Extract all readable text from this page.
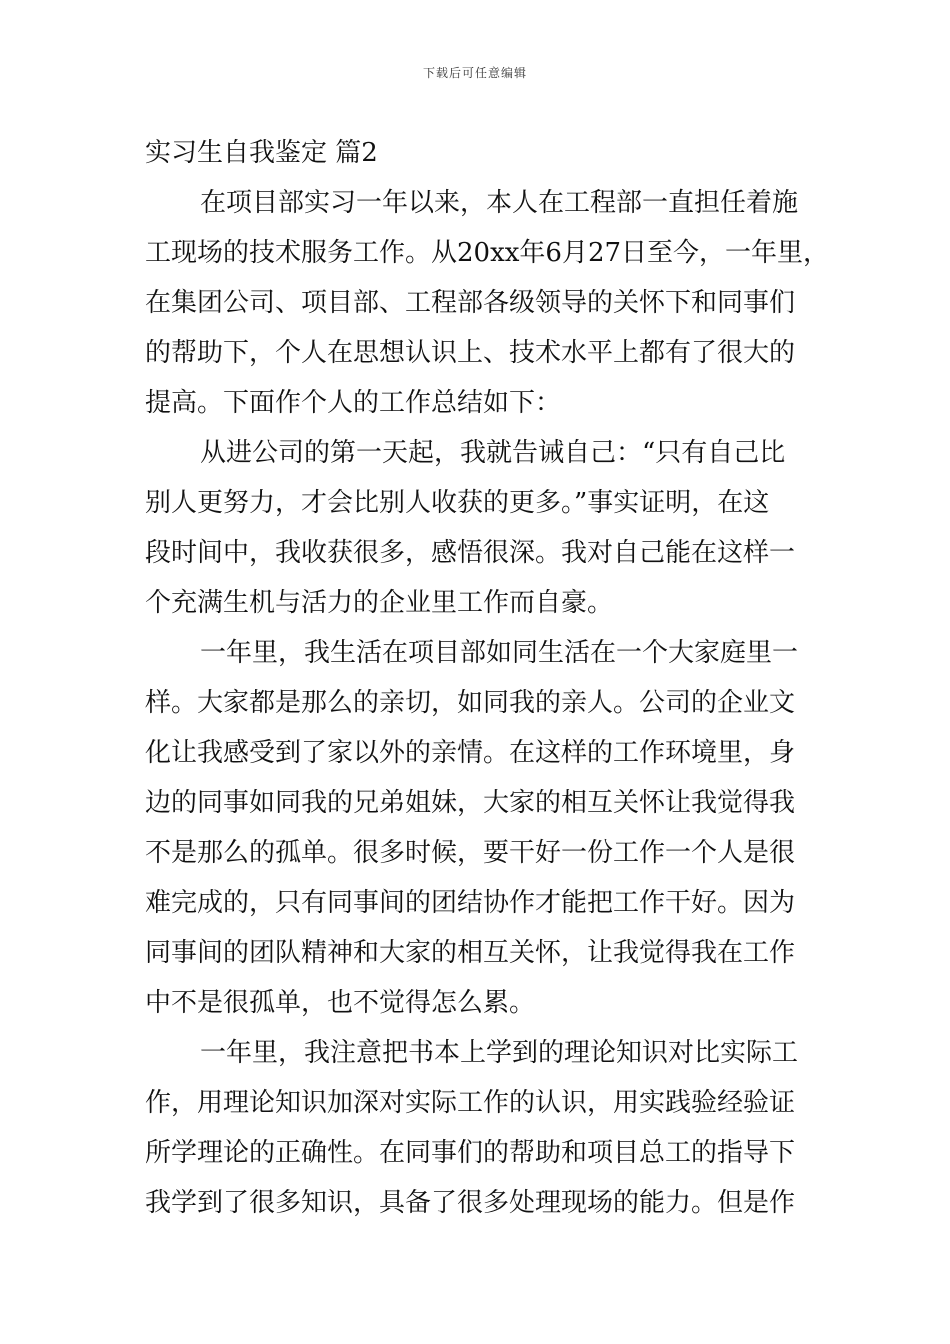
下载后可任意编辑
实习生自我鉴定 篇2
在项目部实习一年以来，本人在工程部一直担任着施
工现场的技术服务工作。从20xx年6月27日至今，一年里，
在集团公司、项目部、工程部各级领导的关怀下和同事们
的帮助下，个人在思想认识上、技术水平上都有了很大的
提高。下面作个人的工作总结如下：
从进公司的第一天起，我就告诫自己：“只有自己比
别人更努力，才会比别人收获的更多。”事实证明，在这
段时间中，我收获很多，感悟很深。我对自己能在这样一
个充满生机与活力的企业里工作而自豪。
一年里，我生活在项目部如同生活在一个大家庭里一
样。大家都是那么的亲切，如同我的亲人。公司的企业文
化让我感受到了家以外的亲情。在这样的工作环境里，身
边的同事如同我的兄弟姐妹，大家的相互关怀让我觉得我
不是那么的孤单。很多时候，要干好一份工作一个人是很
难完成的，只有同事间的团结协作才能把工作干好。因为
同事间的团队精神和大家的相互关怀，让我觉得我在工作
中不是很孤单，也不觉得怎么累。
一年里，我注意把书本上学到的理论知识对比实际工
作，用理论知识加深对实际工作的认识，用实践验经验证
所学理论的正确性。在同事们的帮助和项目总工的指导下
我学到了很多知识，具备了很多处理现场的能力。但是作
